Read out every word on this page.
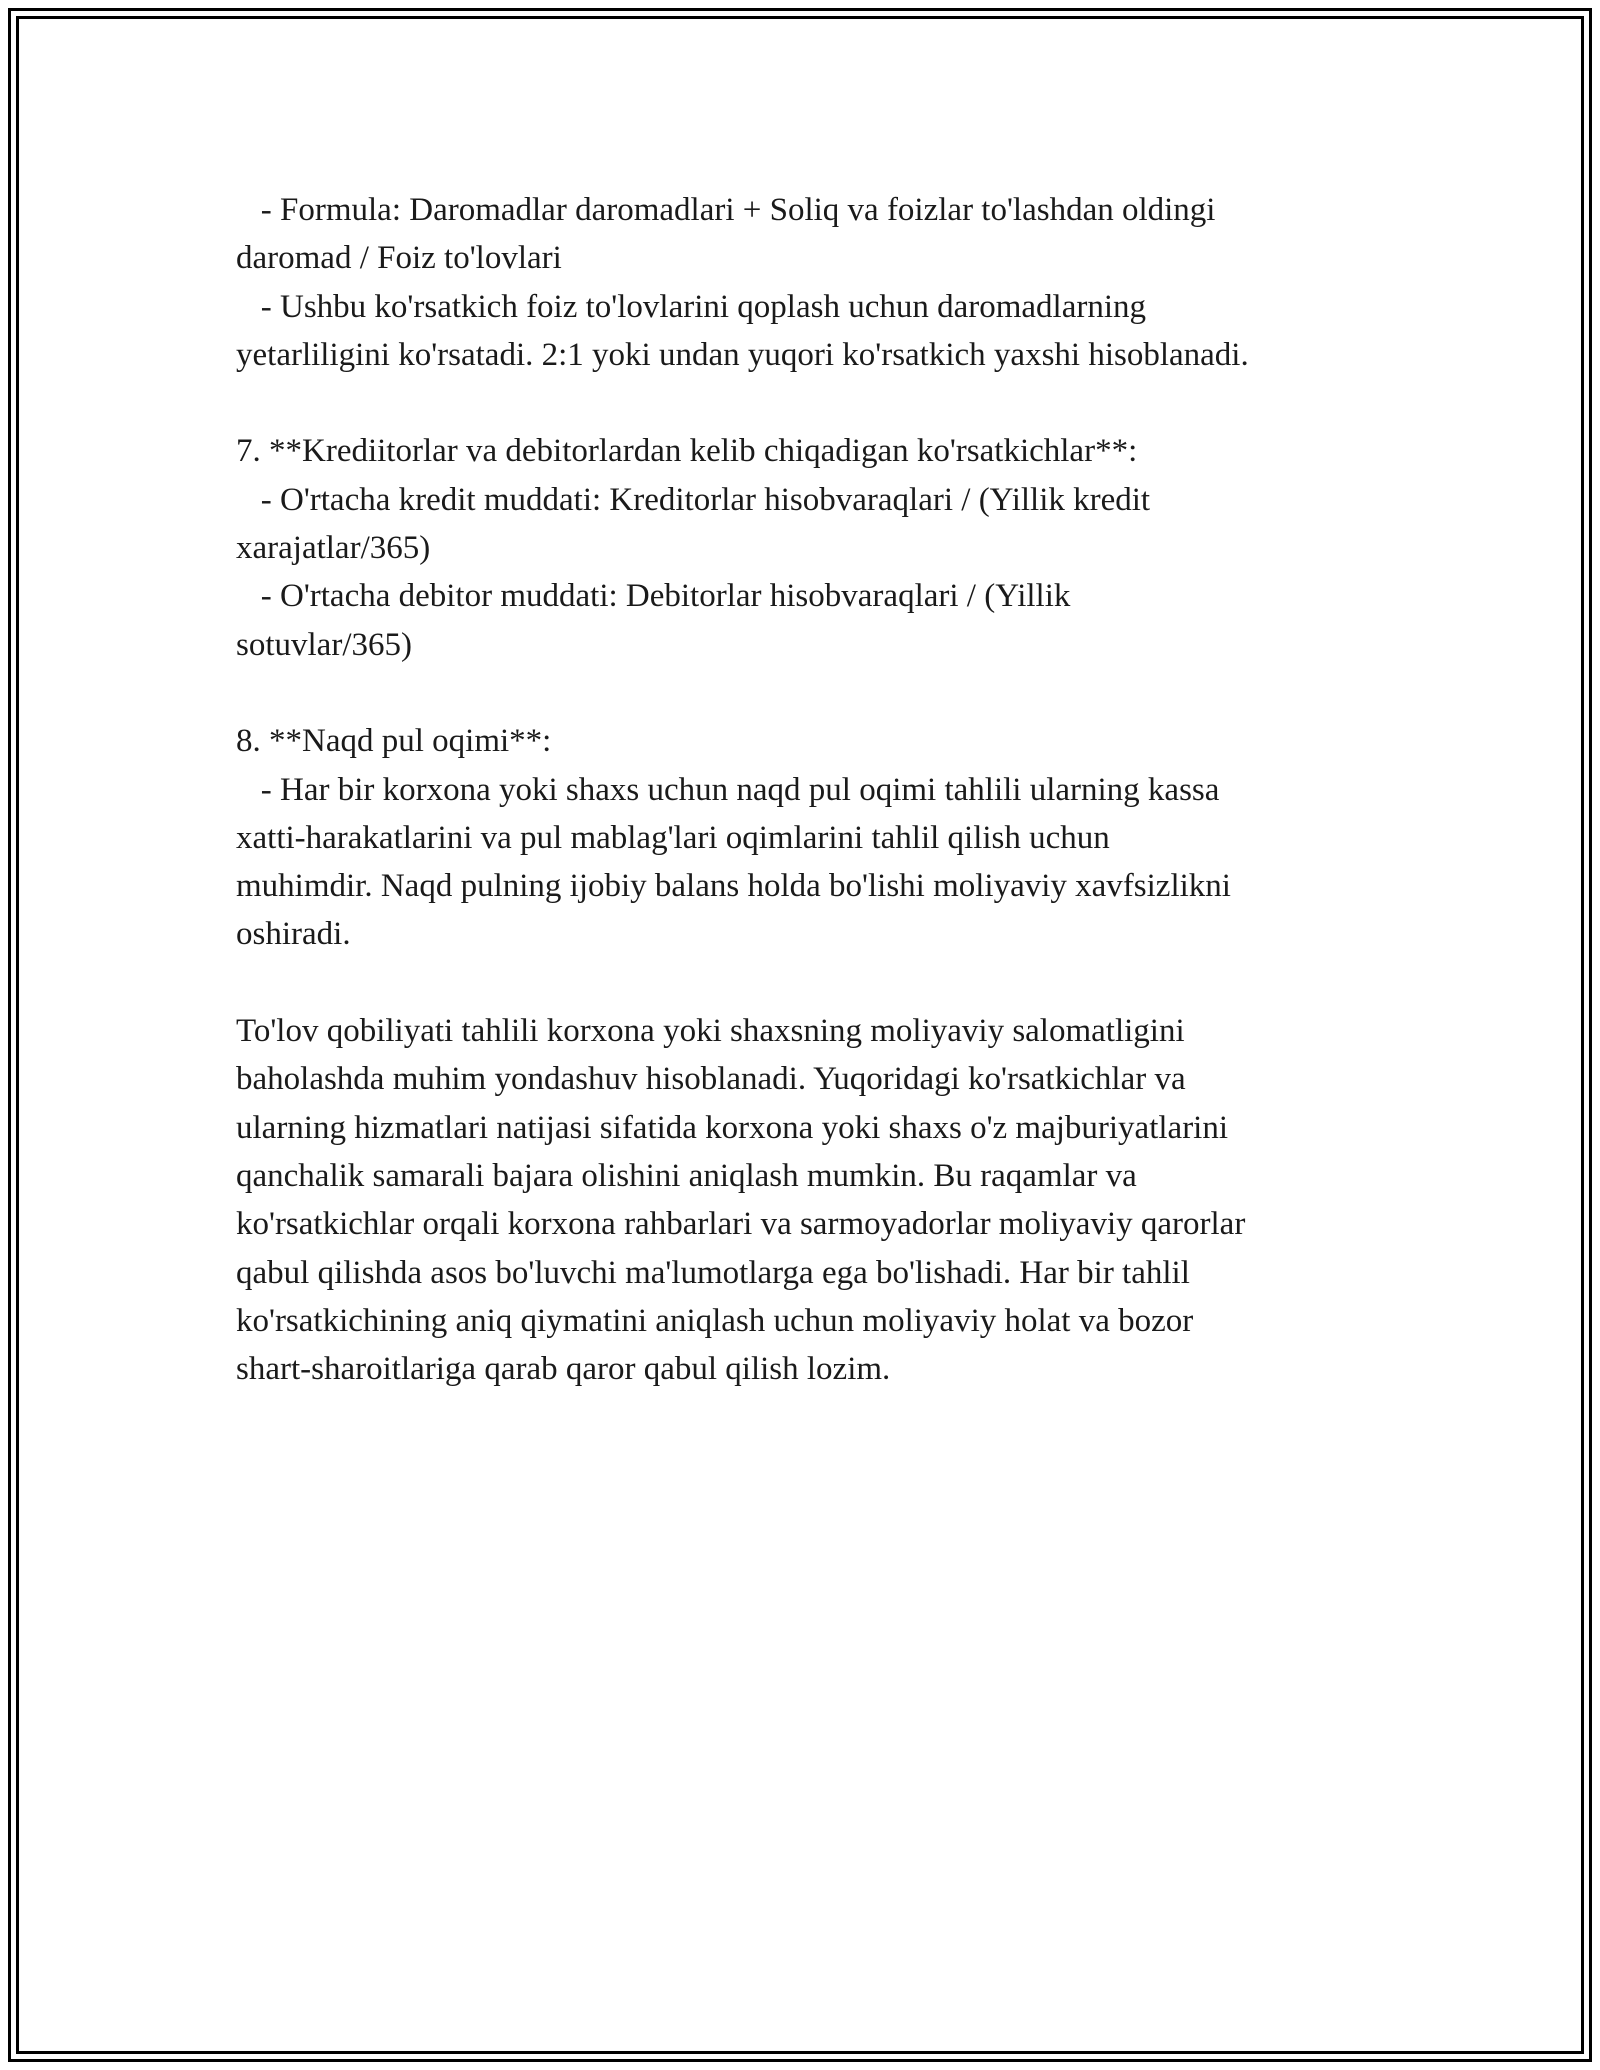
- Formula: Daromadlar daromadlari + Soliq va foizlar to'lashdan oldingi
daromad / Foiz to'lovlari
- Ushbu ko'rsatkich foiz to'lovlarini qoplash uchun daromadlarning
yetarliligini ko'rsatadi. 2:1 yoki undan yuqori ko'rsatkich yaxshi hisoblanadi.
7. **Krediitorlar va debitorlardan kelib chiqadigan ko'rsatkichlar**:
- O'rtacha kredit muddati: Kreditorlar hisobvaraqlari / (Yillik kredit
xarajatlar/365)
- O'rtacha debitor muddati: Debitorlar hisobvaraqlari / (Yillik
sotuvlar/365)
8. **Naqd pul oqimi**:
- Har bir korxona yoki shaxs uchun naqd pul oqimi tahlili ularning kassa
xatti-harakatlarini va pul mablag'lari oqimlarini tahlil qilish uchun
muhimdir. Naqd pulning ijobiy balans holda bo'lishi moliyaviy xavfsizlikni
oshiradi.
To'lov qobiliyati tahlili korxona yoki shaxsning moliyaviy salomatligini
baholashda muhim yondashuv hisoblanadi. Yuqoridagi ko'rsatkichlar va
ularning hizmatlari natijasi sifatida korxona yoki shaxs o'z majburiyatlarini
qanchalik samarali bajara olishini aniqlash mumkin. Bu raqamlar va
ko'rsatkichlar orqali korxona rahbarlari va sarmoyadorlar moliyaviy qarorlar
qabul qilishda asos bo'luvchi ma'lumotlarga ega bo'lishadi. Har bir tahlil
ko'rsatkichining aniq qiymatini aniqlash uchun moliyaviy holat va bozor
shart-sharoitlariga qarab qaror qabul qilish lozim.
